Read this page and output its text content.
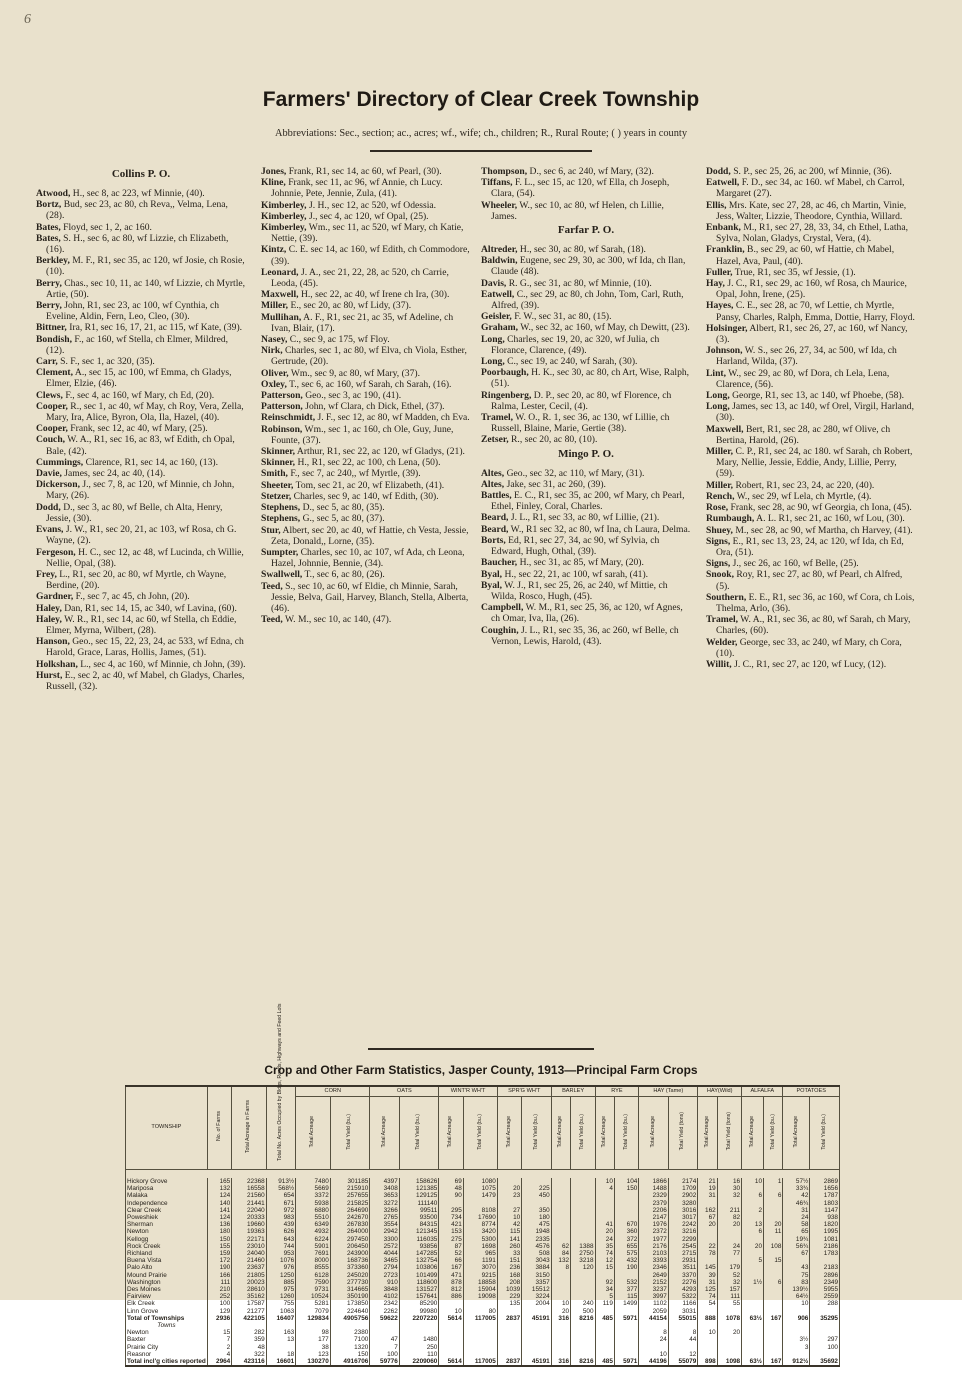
6
Farmers' Directory of Clear Creek Township
Abbreviations: Sec., section; ac., acres; wf., wife; ch., children; R., Rural Route; ( ) years in county
Collins P. O.

Atwood, H., sec 8, ac 223, wf Minnie, (40).

Bortz, Bud, sec 23, ac 80, ch Reva,, Velma, Lena, (28).

Bates, Floyd, sec 1, 2, ac 160.

Bates, S. H., sec 6, ac 80, wf Lizzie, ch Elizabeth, (16).

Berkley, M. F., R1, sec 35, ac 120, wf Josie, ch Rosie, (10).

Berry, Chas., sec 10, 11, ac 140, wf Lizzie, ch Myrtle, Artie, (50).

Berry, John, R1, sec 23, ac 100, wf Cynthia, ch Eveline, Aldin, Fern, Leo, Cleo, (30).

Bittner, Ira, R1, sec 16, 17, 21, ac 115, wf Kate, (39).

Bondish, F., ac 160, wf Stella, ch Elmer, Mildred, (12).

Carr, S. F., sec 1, ac 320, (35).

Clement, A., sec 15, ac 100, wf Emma, ch Gladys, Elmer, Elzie, (46).

Clews, F., sec 4, ac 160, wf Mary, ch Ed, (20).

Cooper, R., sec 1, ac 40, wf May, ch Roy, Vera, Zella, Mary, Ira, Alice, Byron, Ola, Ila, Hazel, (40).

Cooper, Frank, sec 12, ac 40, wf Mary, (25).

Couch, W. A., R1, sec 16, ac 83, wf Edith, ch Opal, Bale, (42).

Cummings, Clarence, R1, sec 14, ac 160, (13).

Davie, James, sec 24, ac 40, (14).

Dickerson, J., sec 7, 8, ac 120, wf Minnie, ch John, Mary, (26).

Dodd, D., sec 3, ac 80, wf Belle, ch Alta, Henry, Jessie, (30).

Evans, J. W., R1, sec 20, 21, ac 103, wf Rosa, ch G. Wayne, (2).

Fergeson, H. C., sec 12, ac 48, wf Lucinda, ch Willie, Nellie, Opal, (38).

Frey, L., R1, sec 20, ac 80, wf Myrtle, ch Wayne, Berdine, (20).

Gardner, F., sec 7, ac 45, ch John, (20).

Haley, Dan, R1, sec 14, 15, ac 340, wf Lavina, (60).

Haley, W. R., R1, sec 14, ac 60, wf Stella, ch Eddie, Elmer, Myrna, Wilbert, (28).

Hanson, Geo., sec 15, 22, 23, 24, ac 533, wf Edna, ch Harold, Grace, Laras, Hollis, James, (51).

Holkshan, L., sec 4, ac 160, wf Minnie, ch John, (39).

Hurst, E., sec 2, ac 40, wf Mabel, ch Gladys, Charles, Russell, (32).

Jones, Frank, R1, sec 14, ac 60, wf Pearl, (30).

Kline, Frank, sec 11, ac 96, wf Annie, ch Lucy. Johnnie, Pete, Jennie, Zula, (41).

Kimberley, J. H., sec 12, ac 520, wf Odessia.

Kimberley, J., sec 4, ac 120, wf Opal, (25).

Kimberley, Wm., sec 11, ac 520, wf Mary, ch Katie, Nettie, (39).

Kintz, C. E. sec 14, ac 160, wf Edith, ch Commodore, (39).

Leonard, J. A., sec 21, 22, 28, ac 520, ch Carrie, Leoda, (45).

Maxwell, H., sec 22, ac 40, wf Irene ch Ira, (30).

Miller, E., sec 20, ac 80, wf Lidy, (37).

Mullihan, A. F., R1, sec 21, ac 35, wf Adeline, ch Ivan, Blair, (17).

Nasey, C., sec 9, ac 175, wf Floy.

Nirk, Charles, sec 1, ac 80, wf Elva, ch Viola, Esther, Gertrude, (20).

Oliver, Wm., sec 9, ac 80, wf Mary, (37).

Oxley, T., sec 6, ac 160, wf Sarah, ch Sarah, (16).

Patterson, Geo., sec 3, ac 190, (41).

Patterson, John, wf Clara, ch Dick, Ethel, (37).

Reinschmidt, J. F., sec 12, ac 80, wf Madden, ch Eva.

Robinson, Wm., sec 1, ac 160, ch Ole, Guy, June, Founte, (37).

Skinner, Arthur, R1, sec 22, ac 120, wf Gladys, (21).

Skinner, H., R1, sec 22, ac 100, ch Lena, (50).

Smith, F., sec 7, ac 240,, wf Myrtle, (39).

Sheeter, Tom, sec 21, ac 20, wf Elizabeth, (41).

Stetzer, Charles, sec 9, ac 140, wf Edith, (30).

Stephens, D., sec 5, ac 80, (35).

Stephens, G., sec 5, ac 80, (37).

Stur, Albert, sec 20, ac 40, wf Hattie, ch Vesta, Jessie, Zeta, Donald,, Lorne, (35).

Sumpter, Charles, sec 10, ac 107, wf Ada, ch Leona, Hazel, Johnnie, Bennie, (34).

Swallwell, T., sec 6, ac 80, (26).

Teed, S., sec 10, ac 60, wf Eldie, ch Minnie, Sarah, Jessie, Belva, Gail, Harvey, Blanch, Stella, Alberta, (46).

Teed, W. M., sec 10, ac 140, (47).

Thompson, D., sec 6, ac 240, wf Mary, (32).

Tiffans, F. L., sec 15, ac 120, wf Ella, ch Joseph, Clara, (54).

Wheeler, W., sec 10, ac 80, wf Helen, ch Lillie, James.

Farfar P. O.

Altreder, H., sec 30, ac 80, wf Sarah, (18).

Baldwin, Eugene, sec 29, 30, ac 300, wf Ida, ch Ilan, Claude (48).

Davis, R. G., sec 31, ac 80, wf Minnie, (10).

Eatwell, C., sec 29, ac 80, ch John, Tom, Carl, Ruth, Alfred, (39).

Geisler, F. W., sec 31, ac 80, (15).

Graham, W., sec 32, ac 160, wf May, ch Dewitt, (23).

Long, Charles, sec 19, 20, ac 320, wf Julia, ch Florance, Clarence, (49).

Long, C., sec 19, ac 240, wf Sarah, (30).

Poorbaugh, H. K., sec 30, ac 80, ch Art, Wise, Ralph, (51).

Ringenberg, D. P., sec 20, ac 80, wf Florence, ch Ralma, Lester, Cecil, (4).

Tramel, W. O., R. 1, sec 36, ac 130, wf Lillie, ch Russell, Blaine, Marie, Gertie (38).

Zetser, R., sec 20, ac 80, (10).

Mingo P. O.

Altes, Geo., sec 32, ac 110, wf Mary, (31).

Altes, Jake, sec 31, ac 260, (39).

Battles, E. C., R1, sec 35, ac 200, wf Mary, ch Pearl, Ethel, Finley, Coral, Charles.

Beard, J. L., R1, sec 33, ac 80, wf Lillie, (21).

Beard, W., R1 sec 32, ac 80, wf Ina, ch Laura, Delma.

Borts, Ed, R1, sec 27, 34, ac 90, wf Sylvia, ch Edward, Hugh, Othal, (39).

Baucher, H., sec 31, ac 85, wf Mary, (20).

Byal, H., sec 22, 21, ac 100, wf sarah, (41).

Byal, W. J., R1, sec 25, 26, ac 240, wf Mittie, ch Wilda, Rosco, Hugh, (45).

Campbell, W. M., R1, sec 25, 36, ac 120, wf Agnes, ch Omar, Iva, Ila, (26).

Coughin, J. L., R1, sec 35, 36, ac 260, wf Belle, ch Vernon, Lewis, Harold, (43).

Dodd, S. P., sec 25, 26, ac 200, wf Minnie, (36).

Eatwell, F. D., sec 34, ac 160. wf Mabel, ch Carrol, Margaret (27).

Ellis, Mrs. Kate, sec 27, 28, ac 46, ch Martin, Vinie, Jess, Walter, Lizzie, Theodore, Cynthia, Willard.

Enbank, M., R1, sec 27, 28, 33, 34, ch Ethel, Latha, Sylva, Nolan, Gladys, Crystal, Vera, (4).

Franklin, B., sec 29, ac 60, wf Hattie, ch Mabel, Hazel, Ava, Paul, (40).

Fuller, True, R1, sec 35, wf Jessie, (1).

Hay, J. C., R1, sec 29, ac 160, wf Rosa, ch Maurice, Opal, John, Irene, (25).

Hayes, C. E., sec 28, ac 70, wf Lettie, ch Myrtle, Pansy, Charles, Ralph, Emma, Dottie, Harry, Floyd.

Holsinger, Albert, R1, sec 26, 27, ac 160, wf Nancy, (3).

Johnson, W. S., sec 26, 27, 34, ac 500, wf Ida, ch Harland, Wilda, (37).

Lint, W., sec 29, ac 80, wf Dora, ch Lela, Lena, Clarence, (56).

Long, George, R1, sec 13, ac 140, wf Phoebe, (58).

Long, James, sec 13, ac 140, wf Orel, Virgil, Harland, (30).

Maxwell, Bert, R1, sec 28, ac 280, wf Olive, ch Bertina, Harold, (26).

Miller, C. P., R1, sec 24, ac 180. wf Sarah, ch Robert, Mary, Nellie, Jessie, Eddie, Andy, Lillie, Perry, (59).

Miller, Robert, R1, sec 23, 24, ac 220, (40).

Rench, W., sec 29, wf Lela, ch Myrtle, (4).

Rose, Frank, sec 28, ac 90, wf Georgia, ch Iona, (45).

Rumbaugh, A. L. R1, sec 21, ac 160, wf Lou, (30).

Shuey, M., sec 28, ac 90, wf Martha, ch Harvey, (41).

Signs, E., R1, sec 13, 23, 24, ac 120, wf Ida, ch Ed, Ora, (51).

Signs, J., sec 26, ac 160, wf Belle, (25).

Snook, Roy, R1, sec 27, ac 80, wf Pearl, ch Alfred, (5).

Southern, E. E., R1, sec 36, ac 160, wf Cora, ch Lois, Thelma, Arlo, (36).

Tramel, W. A., R1, sec 36, ac 80, wf Sarah, ch Mary, Charles, (60).

Welder, George, sec 33, ac 240, wf Mary, ch Cora, (10).

Willit, J. C., R1, sec 27, ac 120, wf Lucy, (12).

Crop and Other Farm Statistics, Jasper County, 1913—Principal Farm Crops
TOWNSHIP	No. of Farms	Total Acreage in Farms	Total No. Acres Occupied by Bldgs, Roads, Highways and Feed Lots	CORN		OATS		WINT'R WH'T		SPR'G WH'T		BARLEY		RYE		HAY (Tame)		HAY(Wild)		ALFALFA		POTATOES	
				Total Acreage	Total Yield (bu.)	Total Acreage	Total Yield (bu.)	Total Acreage	Total Yield (bu.)	Total Acreage	Total Yield (bu.)	Total Acreage	Total Yield (bu.)	Total Acreage	Total Yield (bu.)	Total Acreage	Total Yield (tons)	Total Acreage	Total Yield (tons)	Total Acreage	Total Yield (bu.)	Total Acreage	Total Yield (bu.)

Hickory Grove	165	22368	913½	7480	301185	4397	158626	69	1080					10	104	1866	2174	21	16	10	1	57½	2869
Mariposa	132	16558	568½	5669	215910	3408	121385	48	1075	20	225			4	150	1488	1709	19	30			33¾	1656
Malaka	124	21560	654	3372	257655	3653	129125	90	1479	23	450					2329	2902	31	32	6	6	42	1787
Independence	140	21441	671	5938	215825	3272	111140									2379	3280					46¾	1803
Clear Creek	141	22040	972	6880	264690	3266	99511	295	8108	27	350					2206	3016	162	211	2		31	1147
Poweshiek	124	20333	983	5510	242670	2765	93500	734	17690	10	180					2147	3017	67	82			24	938
Sherman	136	19660	439	6349	267830	3554	84315	421	8774	42	475			41	670	1976	2242	20	20	13	20	58	1820
Newton	180	19363	626	4932	264000	2942	121345	153	3420	115	1948			20	360	2372	3216			6	11	65	1995
Kellogg	150	22171	643	6224	297450	3300	116035	275	5300	141	2335			24	372	1977	2299					19¾	1081
Rock Creek	155	23010	744	5901	206450	2572	93856	87	1698	260	4576	62	1388	35	655	2176	2545	22	24	20	108	56¾	2186
Richland	159	24040	953	7691	243900	4044	147285	52	965	33	508	84	2750	74	575	2103	2715	78	77			67	1783
Buena Vista	172	21460	1076	8000	168736	3465	132754	66	1191	151	3043	132	3218	12	432	3393	2931			5	15		
Palo Alto	190	23637	976	8555	373360	2794	103806	167	3070	236	3884	8	120	15	190	2346	3511	145	179			43	2183
Mound Prairie	166	21805	1250	6128	245020	2723	101499	471	9215	168	3150					2649	3370	39	52			75	2896
Washington	111	20023	885	7590	277730	910	118600	878	18858	208	3357			92	532	2152	2276	31	32	1½	6	83	2349
Des Moines	210	28610	975	9731	314665	3848	131527	812	15904	1039	15512			34	377	3237	4293	125	157			139½	5955
Fairview	252	35162	1260	10524	350190	4102	157641	886	19098	229	3224			5	115	3997	5322	74	111			64½	2559
Elk Creek	100	17587	755	5281	173850	2342	85290			135	2004	10	240	119	1499	1102	1166	54	55			10	288
Linn Grove	129	21277	1063	7079	224640	2262	99980	10	80			20	500			2059	3031						
Total of Townships	2936	422105	16407	129834	4905756	59622	2207220	5614	117005	2837	45191	316	8216	485	5971	44154	55015	888	1078	63½	167	906	35295
Towns																							
Newton	15	282	163	98	2380											8	8	10	20				
Baxter	7	359	13	177	7100	47	1480									24	44					3½	297
Prairie City	2	48		38	1320	7	250															3	100
Reasnor	4	322	18	123	150	100	110									10	12						
Total incl'g cities reported	2964	423116	16601	130270	4916706	59776	2209060	5614	117005	2837	45191	316	8216	485	5971	44196	55079	898	1098	63½	167	912½	35692
